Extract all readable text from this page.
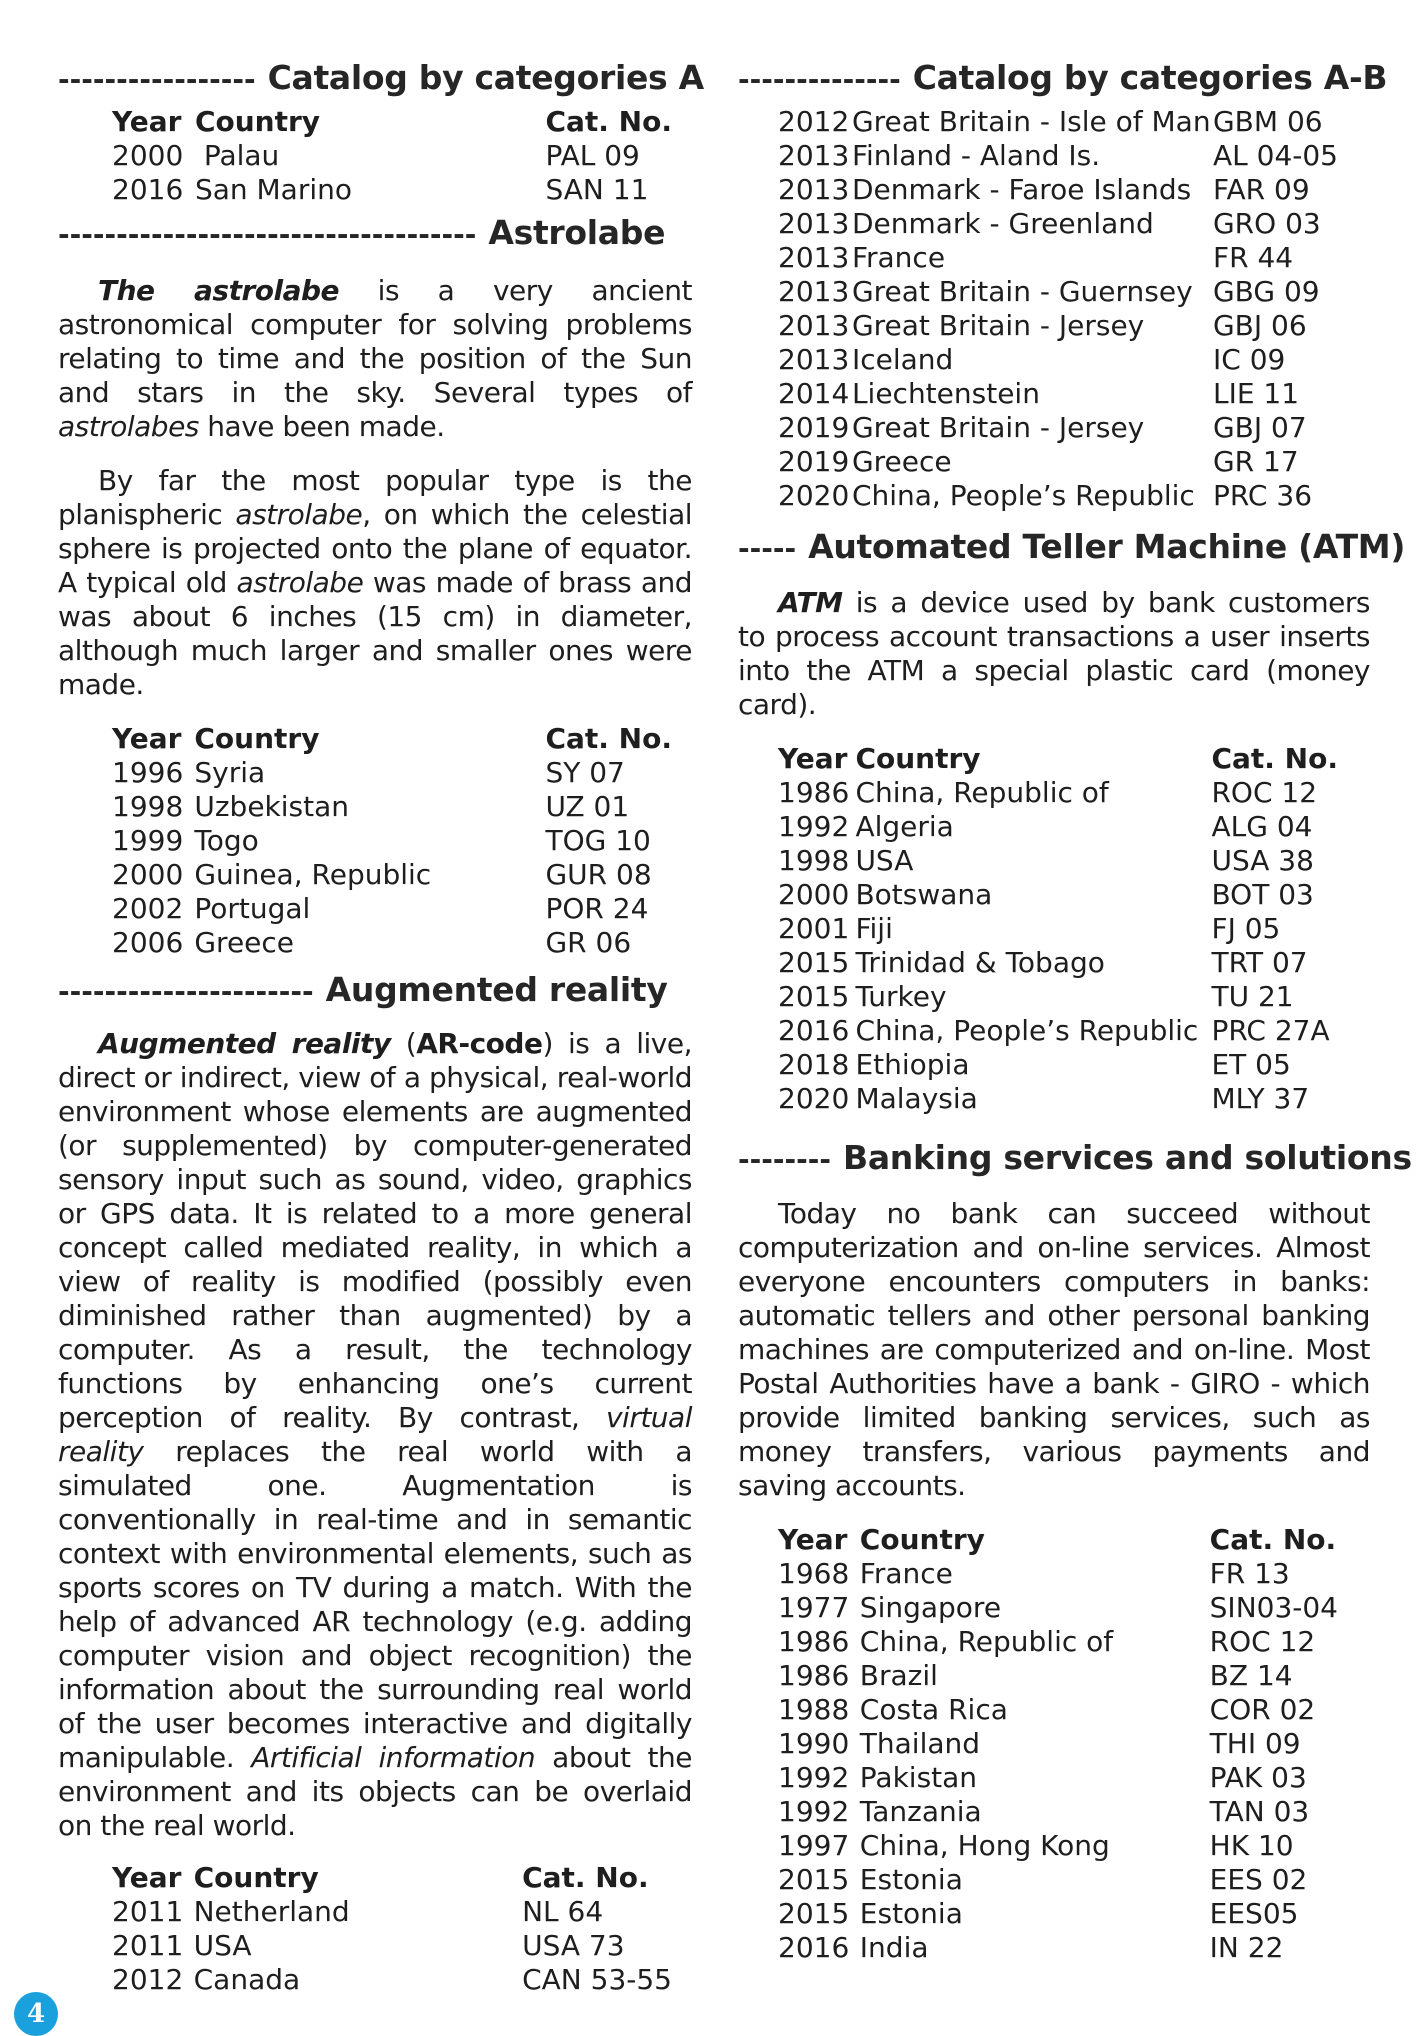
----------------- Catalog by categories A
Year	Country	Cat. No.
2000	Palau	PAL 09
2016	San Marino	SAN 11
------------------------------------ Astrolabe

The astrolabe is a very ancient astronomical computer for solving problems relating to time and the position of the Sun and stars in the sky. Several types of astrolabes have been made.

By far the most popular type is the planispheric astrolabe, on which the celestial sphere is projected onto the plane of equator. A typical old astrolabe was made of brass and was about 6 inches (15 cm) in diameter, although much larger and smaller ones were made.

Year	Country	Cat. No.
1996	Syria	SY 07
1998	Uzbekistan	UZ 01
1999	Togo	TOG 10
2000	Guinea, Republic	GUR 08
2002	Portugal	POR 24
2006	Greece	GR 06
---------------------- Augmented reality

Augmented reality (AR-code) is a live, direct or indirect, view of a physical, real-world environment whose elements are augmented (or supplemented) by computer-generated sensory input such as sound, video, graphics or GPS data. It is related to a more general concept called mediated reality, in which a view of reality is modified (possibly even diminished rather than augmented) by a computer. As a result, the technology functions by enhancing one’s current perception of reality. By contrast, virtual reality replaces the real world with a simulated one. Augmentation is conventionally in real-time and in semantic context with environmental elements, such as sports scores on TV during a match. With the help of advanced AR technology (e.g. adding computer vision and object recognition) the information about the surrounding real world of the user becomes interactive and digitally manipulable. Artificial information about the environment and its objects can be overlaid on the real world.

Year	Country	Cat. No.
2011	Netherland	NL 64
2011	USA	USA 73
2012	Canada	CAN 53-55
-------------- Catalog by categories A-B
2012	Great Britain - Isle of Man	GBM 06
2013	Finland - Aland Is.	AL 04-05
2013	Denmark - Faroe Islands	FAR 09
2013	Denmark - Greenland	GRO 03
2013	France	FR 44
2013	Great Britain - Guernsey	GBG 09
2013	Great Britain - Jersey	GBJ 06
2013	Iceland	IC 09
2014	Liechtenstein	LIE 11
2019	Great Britain - Jersey	GBJ 07
2019	Greece	GR 17
2020	China, People’s Republic	PRC 36
----- Automated Teller Machine (ATM)

ATM is a device used by bank customers to process account transactions a user inserts into the ATM a special plastic card (money card).

Year	Country	Cat. No.
1986	China, Republic of	ROC 12
1992	Algeria	ALG 04
1998	USA	USA 38
2000	Botswana	BOT 03
2001	Fiji	FJ 05
2015	Trinidad & Tobago	TRT 07
2015	Turkey	TU 21
2016	China, People’s Republic	PRC 27A
2018	Ethiopia	ET 05
2020	Malaysia	MLY 37
-------- Banking services and solutions

Today no bank can succeed without computerization and on-line services. Almost everyone encounters computers in banks: automatic tellers and other personal banking machines are computerized and on-line. Most Postal Authorities have a bank - GIRO - which provide limited banking services, such as money transfers, various payments and saving accounts.

Year	Country	Cat. No.
1968	France	FR 13
1977	Singapore	SIN03-04
1986	China, Republic of	ROC 12
1986	Brazil	BZ 14
1988	Costa Rica	COR 02
1990	Thailand	THI 09
1992	Pakistan	PAK 03
1992	Tanzania	TAN 03
1997	China, Hong Kong	HK 10
2015	Estonia	EES 02
2015	Estonia	EES05
2016	India	IN 22
4
